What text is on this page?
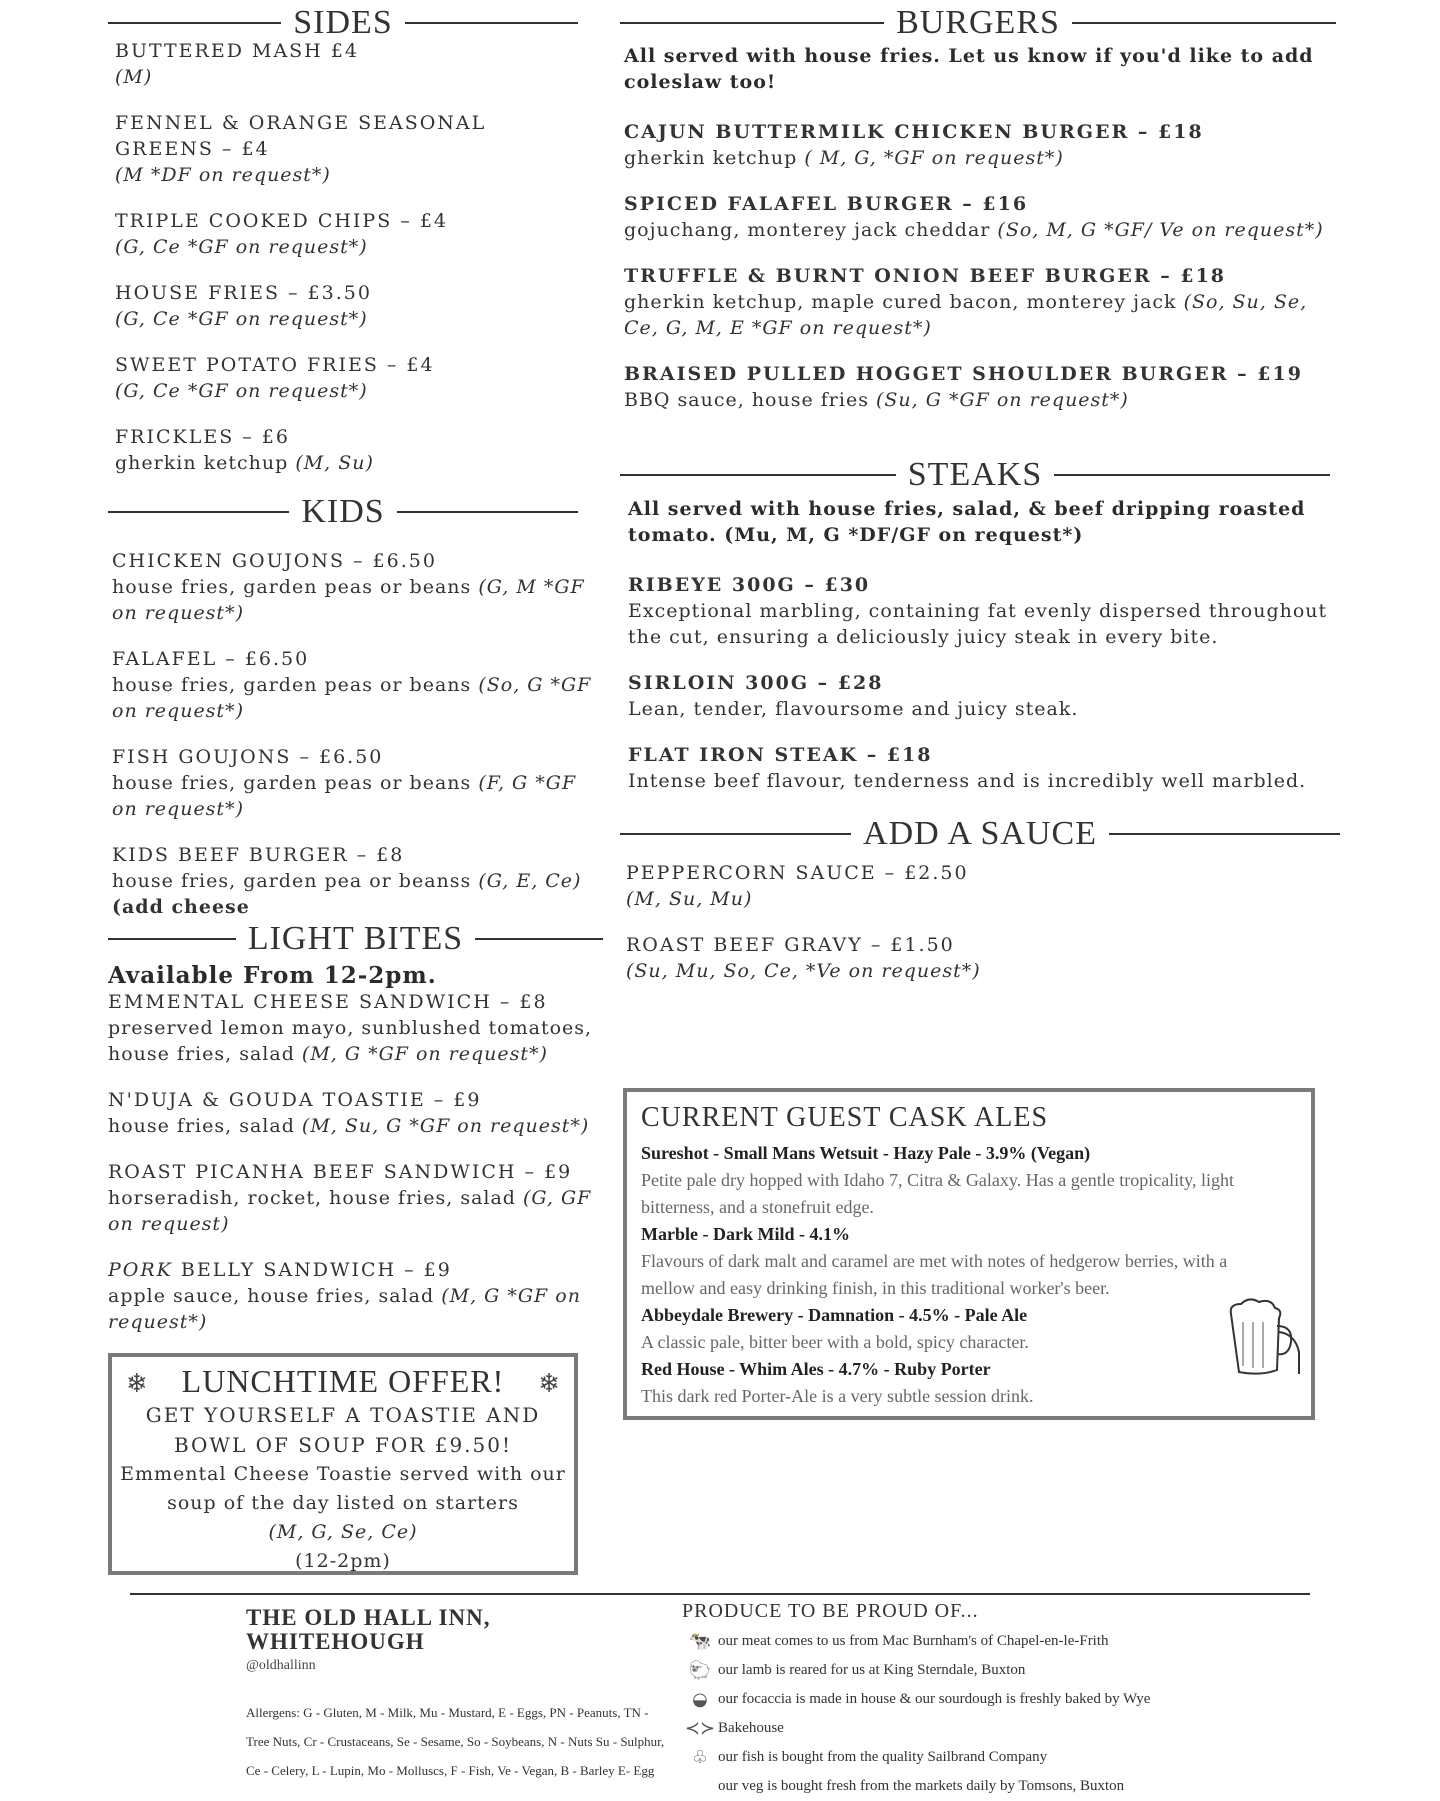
SIDES
BUTTERED MASH £4
(M)
FENNEL & ORANGE SEASONAL GREENS – £4
(M *DF on request*)
TRIPLE COOKED CHIPS – £4
(G, Ce *GF on request*)
HOUSE FRIES – £3.50
(G, Ce *GF on request*)
SWEET POTATO FRIES – £4
(G, Ce *GF on request*)
FRICKLES – £6
gherkin ketchup (M, Su)
KIDS
CHICKEN GOUJONS – £6.50
house fries, garden peas or beans (G, M *GF on request*)
FALAFEL – £6.50
house fries, garden peas or beans (So, G *GF on request*)
FISH GOUJONS – £6.50
house fries, garden peas or beans (F, G *GF on request*)
KIDS BEEF BURGER – £8
house fries, garden pea or beanss (G, E, Ce)
(add cheese
LIGHT BITES
Available From 12-2pm.
EMMENTAL CHEESE SANDWICH – £8
preserved lemon mayo, sunblushed tomatoes, house fries, salad (M, G *GF on request*)
N'DUJA & GOUDA TOASTIE – £9
house fries, salad (M, Su, G *GF on request*)
ROAST PICANHA BEEF SANDWICH – £9
horseradish, rocket, house fries, salad (G, GF on request)
PORK BELLY SANDWICH – £9
apple sauce, house fries, salad (M, G *GF on request*)
❄	❄
LUNCHTIME OFFER!
GET YOURSELF A TOASTIE AND
BOWL OF SOUP FOR £9.50!
Emmental Cheese Toastie served with our
soup of the day listed on starters
(M, G, Se, Ce)
(12-2pm)
BURGERS
All served with house fries. Let us know if you'd like to add coleslaw too!
CAJUN BUTTERMILK CHICKEN BURGER – £18
gherkin ketchup ( M, G, *GF on request*)
SPICED FALAFEL BURGER – £16
gojuchang, monterey jack cheddar (So, M, G *GF/ Ve on request*)
TRUFFLE & BURNT ONION BEEF BURGER – £18
gherkin ketchup, maple cured bacon, monterey jack (So, Su, Se, Ce, G, M, E *GF on request*)
BRAISED PULLED HOGGET SHOULDER BURGER – £19
BBQ sauce, house fries (Su, G *GF on request*)
STEAKS
All served with house fries, salad, & beef dripping roasted tomato. (Mu, M, G *DF/GF on request*)
RIBEYE 300G – £30
Exceptional marbling, containing fat evenly dispersed throughout the cut, ensuring a deliciously juicy steak in every bite.
SIRLOIN 300G – £28
Lean, tender, flavoursome and juicy steak.
FLAT IRON STEAK – £18
Intense beef flavour, tenderness and is incredibly well marbled.
ADD A SAUCE
PEPPERCORN SAUCE – £2.50
(M, Su, Mu)
ROAST BEEF GRAVY – £1.50
(Su, Mu, So, Ce, *Ve on request*)
CURRENT GUEST CASK ALES
Sureshot - Small Mans Wetsuit - Hazy Pale - 3.9% (Vegan)
Petite pale dry hopped with Idaho 7, Citra & Galaxy. Has a gentle tropicality, light bitterness, and a stonefruit edge.
Marble - Dark Mild - 4.1%
Flavours of dark malt and caramel are met with notes of hedgerow berries, with a mellow and easy drinking finish, in this traditional worker's beer.
Abbeydale Brewery - Damnation - 4.5% - Pale Ale
A classic pale, bitter beer with a bold, spicy character.
Red House - Whim Ales - 4.7% - Ruby Porter
This dark red Porter-Ale is a very subtle session drink.
THE OLD HALL INN,
WHITEHOUGH
@oldhallinn
Allergens: G - Gluten, M - Milk, Mu - Mustard, E - Eggs, PN - Peanuts, TN - Tree Nuts, Cr - Crustaceans, Se - Sesame, So - Soybeans, N - Nuts Su - Sulphur, Ce - Celery, L - Lupin, Mo - Molluscs, F - Fish, Ve - Vegan, B - Barley E- Egg
PRODUCE TO BE PROUD OF...
🐄 our meat comes to us from Mac Burnham's of Chapel-en-le-Frith
🐑 our lamb is reared for us at King Sterndale, Buxton
◒ our focaccia is made in house & our sourdough is freshly baked by Wye
≺≻ Bakehouse
♧ our fish is bought from the quality Sailbrand Company
our veg is bought fresh from the markets daily by Tomsons, Buxton
